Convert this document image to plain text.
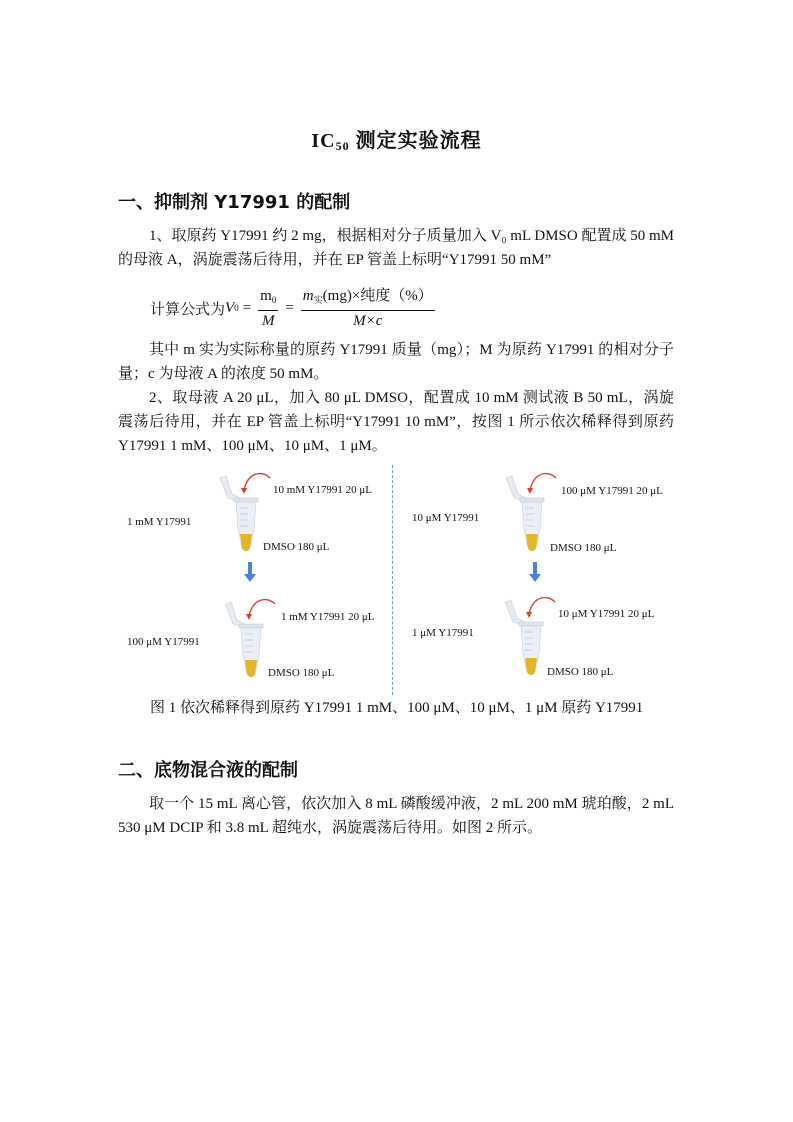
$IC_{50}$ 测定实验流程
一、抑制剂 Y17991 的配制
1、取原药 Y17991 约 2 mg，根据相对分子质量加入 V₀ mL DMSO 配置成 50 mM 的母液 A，涡旋震荡后待用，并在 EP 管盖上标明“Y17991 50 mM”
计算公式为 V $0 = \frac{m_0}{M} = \frac{m_实(mg)\times 纯度(\%)}{M\times c}$
其中 m 实为实际称量的原药 Y17991 质量（mg）；M 为原药 Y17991 的相对分子量；c 为母液 A 的浓度 50 mM。
2、取母液 A 20 μL，加入 80 μL DMSO，配置成 10 mM 测试液 B 50 mL，涡旋震荡后待用，并在 EP 管盖上标明“Y17991 10 mM”，按图 1 所示依次稀释得到原药 Y17991 1 mM、100 μM、10 μM、1 μM。
1 mM Y17991
10 mM Y17991 20 μL
DMSO 180 μL
100 μM Y17991
1 mM Y17991 20 μL
DMSO 180 μL
10 μM Y17991
100 μM Y17991 20 μL
DMSO 180 μL
1 μM Y17991
10 μM Y17991 20 μL
DMSO 180 μL
图 1 依次稀释得到原药 Y17991 1 mM、100 μM、10 μM、1 μM 原药 Y17991
二、底物混合液的配制
取一个 15 mL 离心管，依次加入 8 mL 磷酸缓冲液，2 mL 200 mM 琥珀酸，2 mL 530 μM DCIP 和 3.8 mL 超纯水，涡旋震荡后待用。如图 2 所示。
